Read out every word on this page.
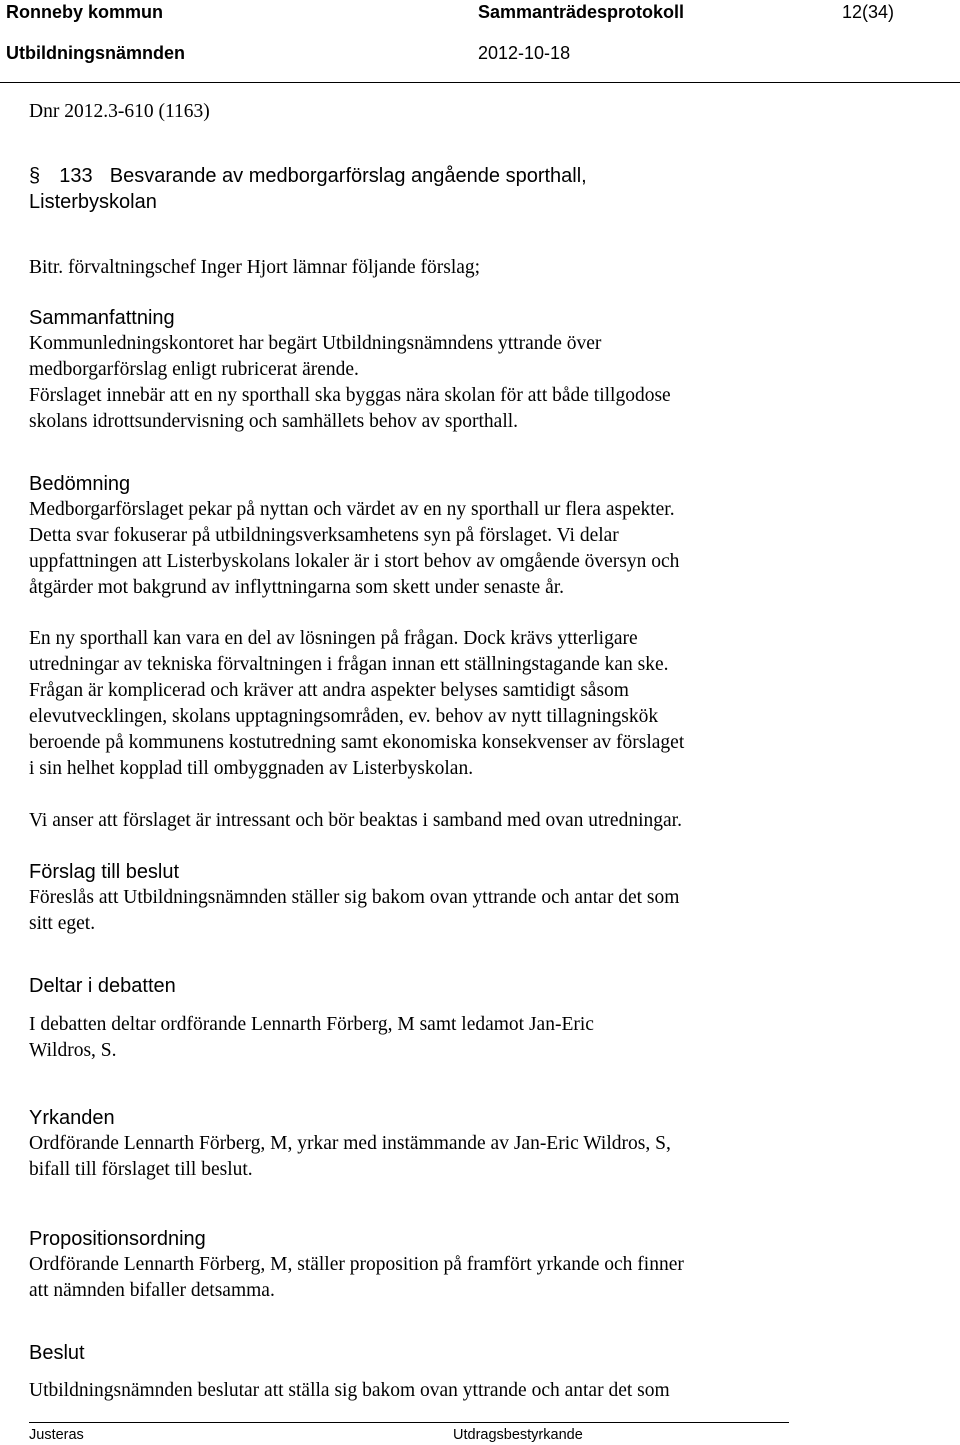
Ronneby kommun	Sammanträdesprotokoll	12(34)
Utbildningsnämnden	2012-10-18
Dnr 2012.3-610 (1163)
§ 133 Besvarande av medborgarförslag angående sporthall,
Listerbyskolan
Bitr. förvaltningschef Inger Hjort lämnar följande förslag;
Sammanfattning
Kommunledningskontoret har begärt Utbildningsnämndens yttrande över
medborgarförslag enligt rubricerat ärende.
Förslaget innebär att en ny sporthall ska byggas nära skolan för att både tillgodose
skolans idrottsundervisning och samhällets behov av sporthall.
Bedömning
Medborgarförslaget pekar på nyttan och värdet av en ny sporthall ur flera aspekter.
Detta svar fokuserar på utbildningsverksamhetens syn på förslaget. Vi delar
uppfattningen att Listerbyskolans lokaler är i stort behov av omgående översyn och
åtgärder mot bakgrund av inflyttningarna som skett under senaste år.
En ny sporthall kan vara en del av lösningen på frågan. Dock krävs ytterligare
utredningar av tekniska förvaltningen i frågan innan ett ställningstagande kan ske.
Frågan är komplicerad och kräver att andra aspekter belyses samtidigt såsom
elevutvecklingen, skolans upptagningsområden, ev. behov av nytt tillagningskök
beroende på kommunens kostutredning samt ekonomiska konsekvenser av förslaget
i sin helhet kopplad till ombyggnaden av Listerbyskolan.
Vi anser att förslaget är intressant och bör beaktas i samband med ovan utredningar.
Förslag till beslut
Föreslås att Utbildningsnämnden ställer sig bakom ovan yttrande och antar det som
sitt eget.
Deltar i debatten
I debatten deltar ordförande Lennarth Förberg, M samt ledamot Jan-Eric
Wildros, S.
Yrkanden
Ordförande Lennarth Förberg, M, yrkar med instämmande av Jan-Eric Wildros, S,
bifall till förslaget till beslut.
Propositionsordning
Ordförande Lennarth Förberg, M, ställer proposition på framfört yrkande och finner
att nämnden bifaller detsamma.
Beslut
Utbildningsnämnden beslutar att ställa sig bakom ovan yttrande och antar det som
Justeras	Utdragsbestyrkande
